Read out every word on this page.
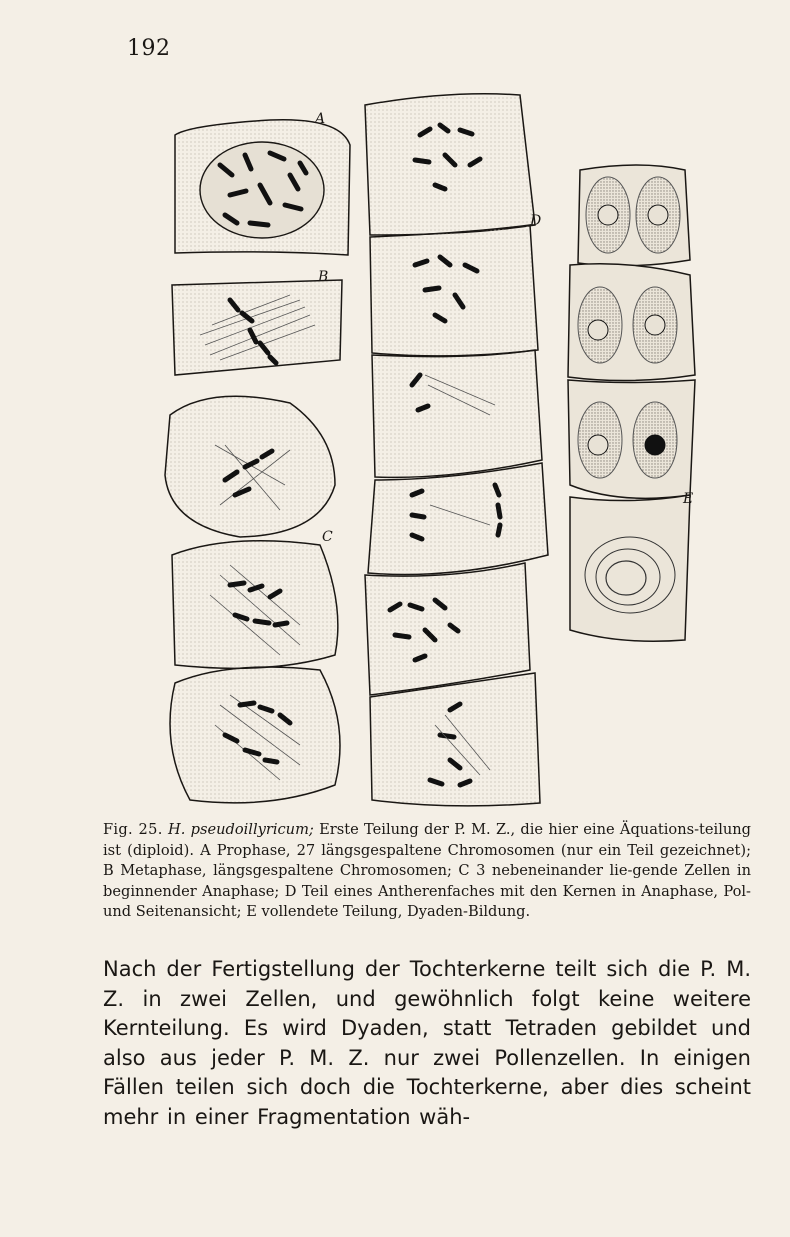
192
A
B
C
D
E
Fig. 25. H. pseudoillyricum; Erste Teilung der P. M. Z., die hier eine Äquations-teilung ist (diploid). A Prophase, 27 längsgespaltene Chromosomen (nur ein Teil gezeichnet); B Metaphase, längsgespaltene Chromosomen; C 3 nebeneinander lie-gende Zellen in beginnender Anaphase; D Teil eines Antherenfaches mit den Kernen in Anaphase, Pol- und Seitenansicht; E vollendete Teilung, Dyaden-Bildung.
Nach der Fertigstellung der Tochterkerne teilt sich die P. M. Z. in zwei Zellen, und gewöhnlich folgt keine weitere Kernteilung. Es wird Dyaden, statt Tetraden gebildet und also aus jeder P. M. Z. nur zwei Pollenzellen. In einigen Fällen teilen sich doch die Tochterkerne, aber dies scheint mehr in einer Fragmentation wäh-
